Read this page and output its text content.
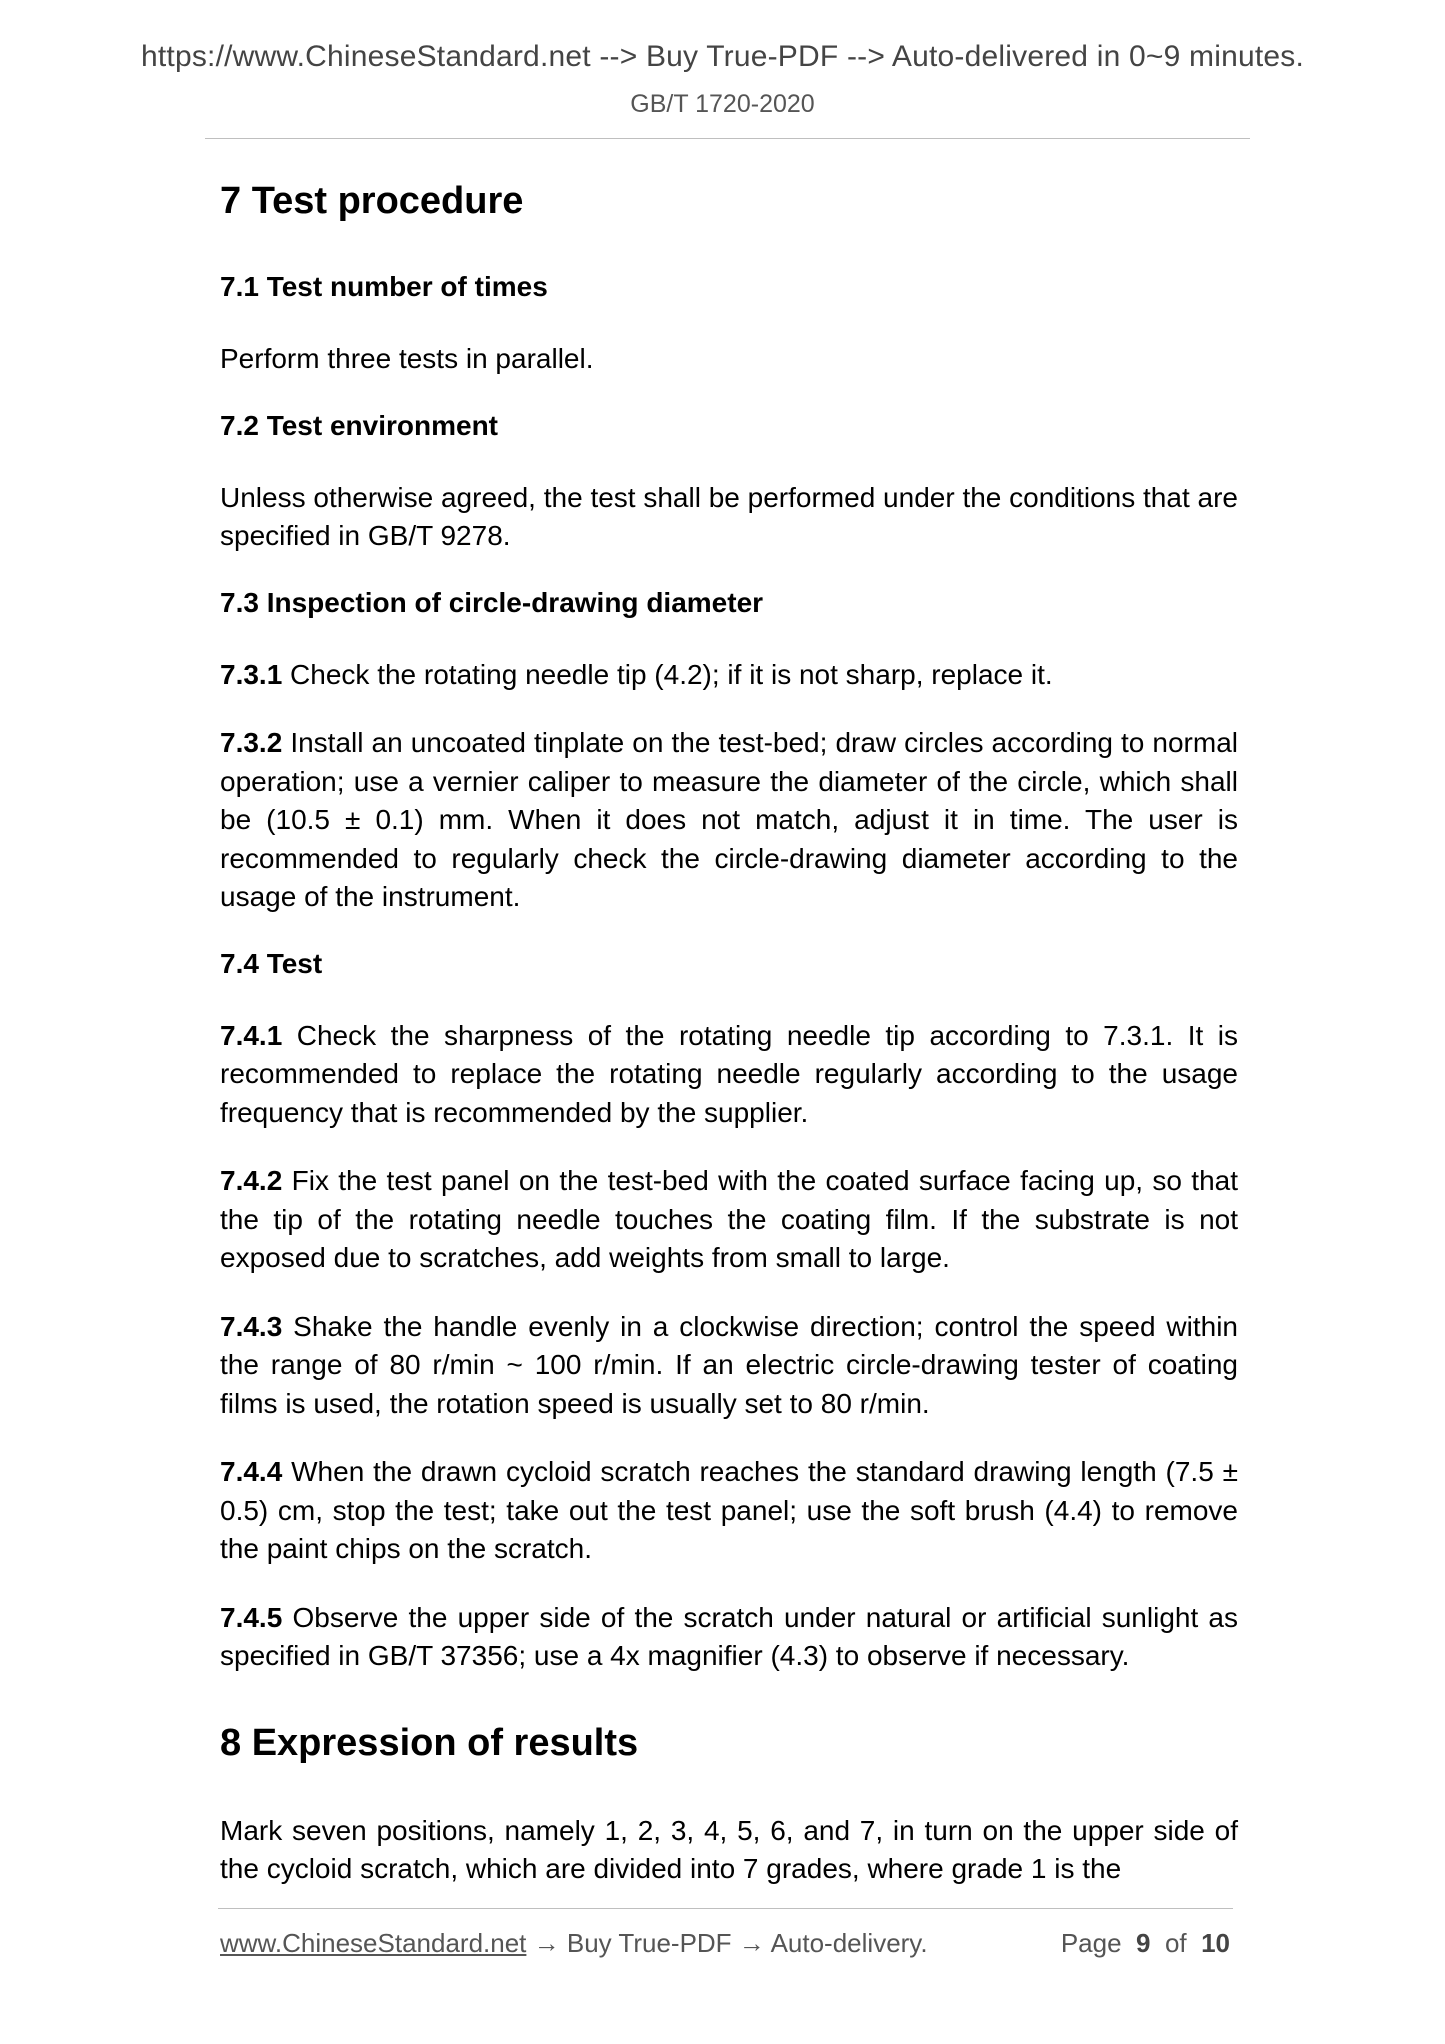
https://www.ChineseStandard.net --> Buy True-PDF --> Auto-delivered in 0~9 minutes.
GB/T 1720-2020
7 Test procedure
7.1 Test number of times
Perform three tests in parallel.
7.2 Test environment
Unless otherwise agreed, the test shall be performed under the conditions that are specified in GB/T 9278.
7.3 Inspection of circle-drawing diameter
7.3.1 Check the rotating needle tip (4.2); if it is not sharp, replace it.
7.3.2 Install an uncoated tinplate on the test-bed; draw circles according to normal operation; use a vernier caliper to measure the diameter of the circle, which shall be (10.5 ± 0.1) mm. When it does not match, adjust it in time. The user is recommended to regularly check the circle-drawing diameter according to the usage of the instrument.
7.4 Test
7.4.1 Check the sharpness of the rotating needle tip according to 7.3.1. It is recommended to replace the rotating needle regularly according to the usage frequency that is recommended by the supplier.
7.4.2 Fix the test panel on the test-bed with the coated surface facing up, so that the tip of the rotating needle touches the coating film. If the substrate is not exposed due to scratches, add weights from small to large.
7.4.3 Shake the handle evenly in a clockwise direction; control the speed within the range of 80 r/min ~ 100 r/min. If an electric circle-drawing tester of coating films is used, the rotation speed is usually set to 80 r/min.
7.4.4 When the drawn cycloid scratch reaches the standard drawing length (7.5 ± 0.5) cm, stop the test; take out the test panel; use the soft brush (4.4) to remove the paint chips on the scratch.
7.4.5 Observe the upper side of the scratch under natural or artificial sunlight as specified in GB/T 37356; use a 4x magnifier (4.3) to observe if necessary.
8 Expression of results
Mark seven positions, namely 1, 2, 3, 4, 5, 6, and 7, in turn on the upper side of the cycloid scratch, which are divided into 7 grades, where grade 1 is the
www.ChineseStandard.net → Buy True-PDF → Auto-delivery.	Page 9 of 10
